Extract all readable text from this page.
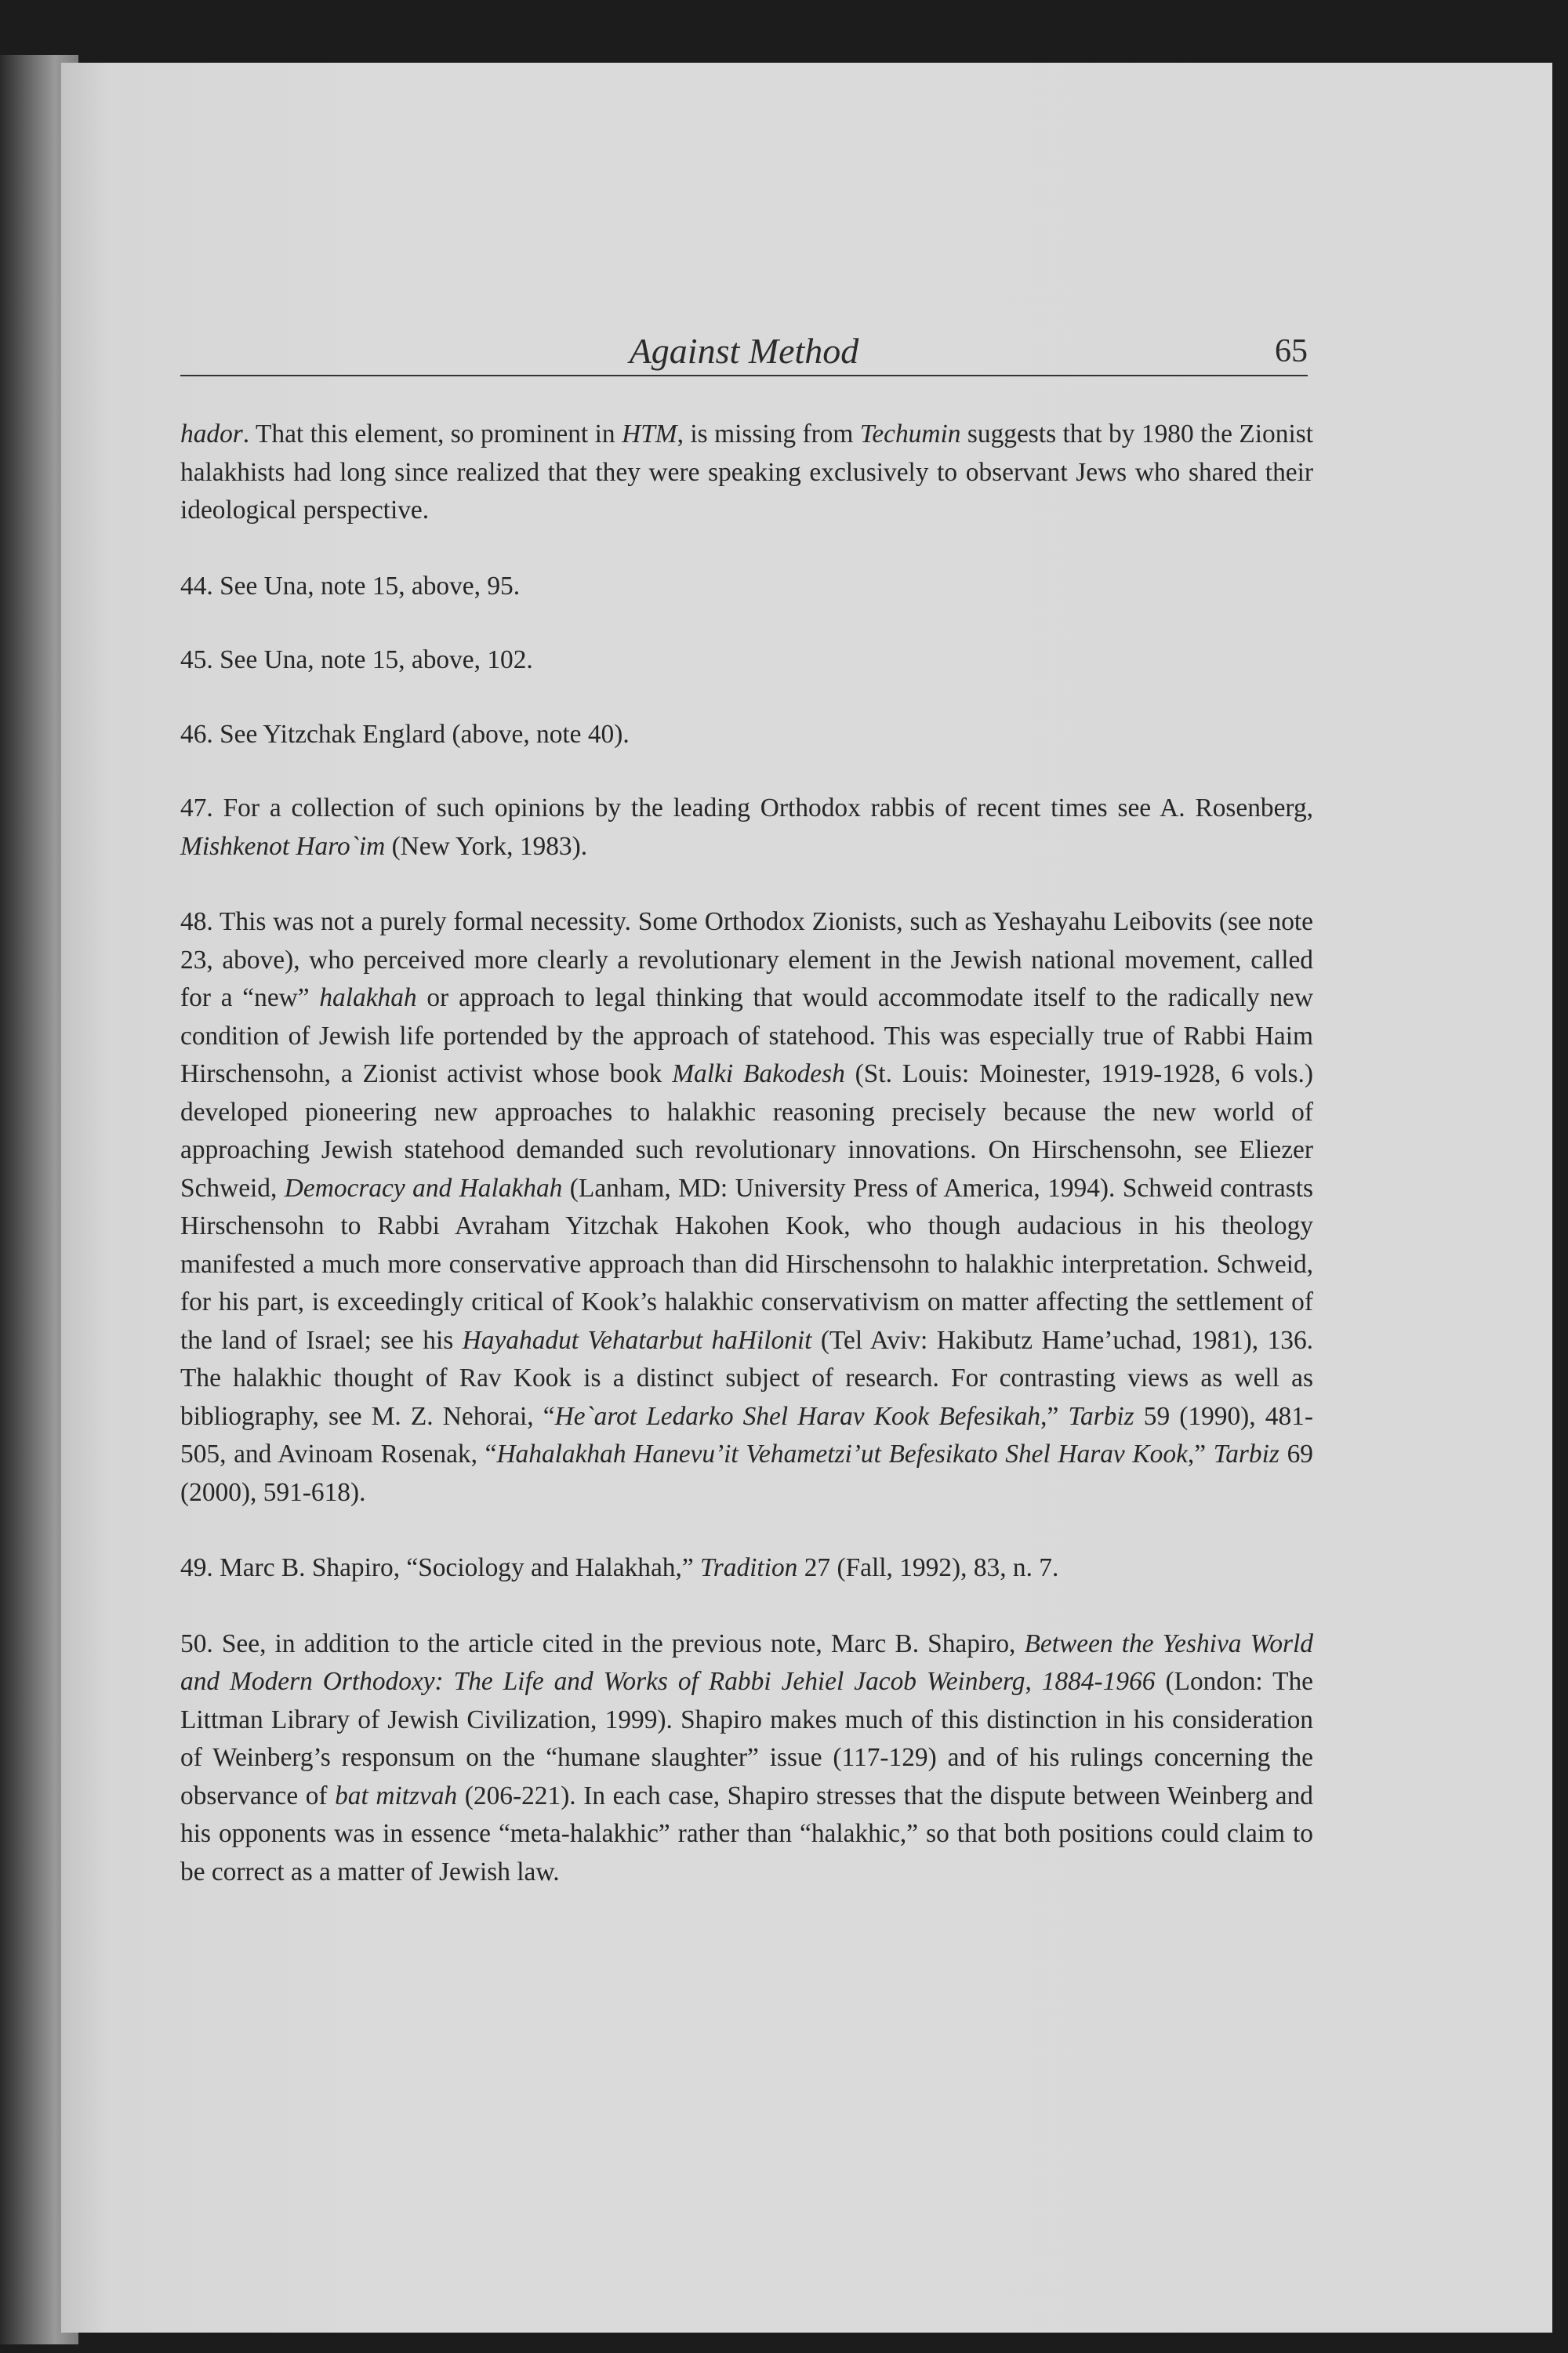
Against Method	65

hador. That this element, so prominent in HTM, is missing from Techumin suggests that by 1980 the Zionist halakhists had long since realized that they were speaking exclusively to observant Jews who shared their ideological perspective.

44. See Una, note 15, above, 95.

45. See Una, note 15, above, 102.

46. See Yitzchak Englard (above, note 40).

47. For a collection of such opinions by the leading Orthodox rabbis of recent times see A. Rosenberg, Mishkenot Haro`im (New York, 1983).

48. This was not a purely formal necessity. Some Orthodox Zionists, such as Yeshayahu Leibovits (see note 23, above), who perceived more clearly a revolutionary element in the Jewish national movement, called for a “new” halakhah or approach to legal thinking that would accommodate itself to the radically new condition of Jewish life portended by the approach of statehood. This was especially true of Rabbi Haim Hirschensohn, a Zionist activist whose book Malki Bakodesh (St. Louis: Moinester, 1919-1928, 6 vols.) developed pioneering new approaches to halakhic reasoning precisely because the new world of approaching Jewish statehood demanded such revolutionary innovations. On Hirschensohn, see Eliezer Schweid, Democracy and Halakhah (Lanham, MD: University Press of America, 1994). Schweid contrasts Hirschensohn to Rabbi Avraham Yitzchak Hakohen Kook, who though audacious in his theology manifested a much more conservative approach than did Hirschensohn to halakhic interpretation. Schweid, for his part, is exceedingly critical of Kook’s halakhic conservativism on matter affecting the settlement of the land of Israel; see his Hayahadut Vehatarbut haHilonit (Tel Aviv: Hakibutz Hame’uchad, 1981), 136. The halakhic thought of Rav Kook is a distinct subject of research. For contrasting views as well as bibliography, see M. Z. Nehorai, “He`arot Ledarko Shel Harav Kook Befesikah,” Tarbiz 59 (1990), 481-505, and Avinoam Rosenak, “Hahalakhah Hanevu’it Vehametzi’ut Befesikato Shel Harav Kook,” Tarbiz 69 (2000), 591-618).

49. Marc B. Shapiro, “Sociology and Halakhah,” Tradition 27 (Fall, 1992), 83, n. 7.

50. See, in addition to the article cited in the previous note, Marc B. Shapiro, Between the Yeshiva World and Modern Orthodoxy: The Life and Works of Rabbi Jehiel Jacob Weinberg, 1884-1966 (London: The Littman Library of Jewish Civilization, 1999). Shapiro makes much of this distinction in his consideration of Weinberg’s responsum on the “humane slaughter” issue (117-129) and of his rulings concerning the observance of bat mitzvah (206-221). In each case, Shapiro stresses that the dispute between Weinberg and his opponents was in essence “meta-halakhic” rather than “halakhic,” so that both positions could claim to be correct as a matter of Jewish law.
